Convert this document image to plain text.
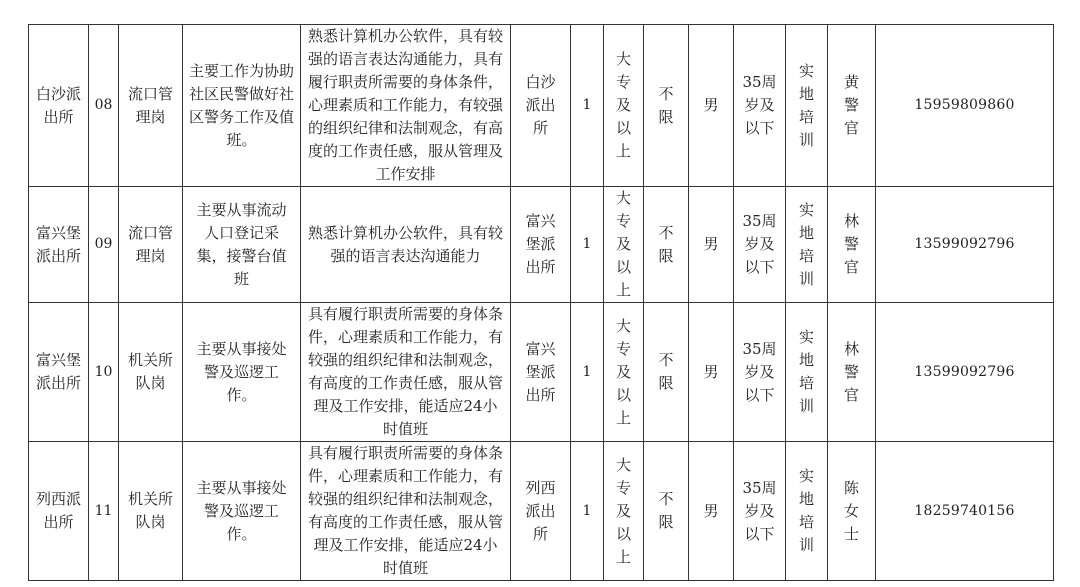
白沙派出所	08	流口管理岗	主要工作为协助社区民警做好社区警务工作及值班。	熟悉计算机办公软件，具有较强的语言表达沟通能力，具有履行职责所需要的身体条件，心理素质和工作能力，有较强的组织纪律和法制观念，有高度的工作责任感，服从管理及工作安排	白沙派出所	1	大专及以上	不限	男	35周岁及以下	实地培训	黄警官	15959809860
富兴堡派出所	09	流口管理岗	主要从事流动人口登记采集，接警台值班	熟悉计算机办公软件，具有较强的语言表达沟通能力	富兴堡派出所	1	大专及以上	不限	男	35周岁及以下	实地培训	林警官	13599092796
富兴堡派出所	10	机关所队岗	主要从事接处警及巡逻工作。	具有履行职责所需要的身体条件，心理素质和工作能力，有较强的组织纪律和法制观念，有高度的工作责任感，服从管理及工作安排，能适应24小时值班	富兴堡派出所	1	大专及以上	不限	男	35周岁及以下	实地培训	林警官	13599092796
列西派出所	11	机关所队岗	主要从事接处警及巡逻工作。	具有履行职责所需要的身体条件，心理素质和工作能力，有较强的组织纪律和法制观念，有高度的工作责任感，服从管理及工作安排，能适应24小时值班	列西派出所	1	大专及以上	不限	男	35周岁及以下	实地培训	陈女士	18259740156
